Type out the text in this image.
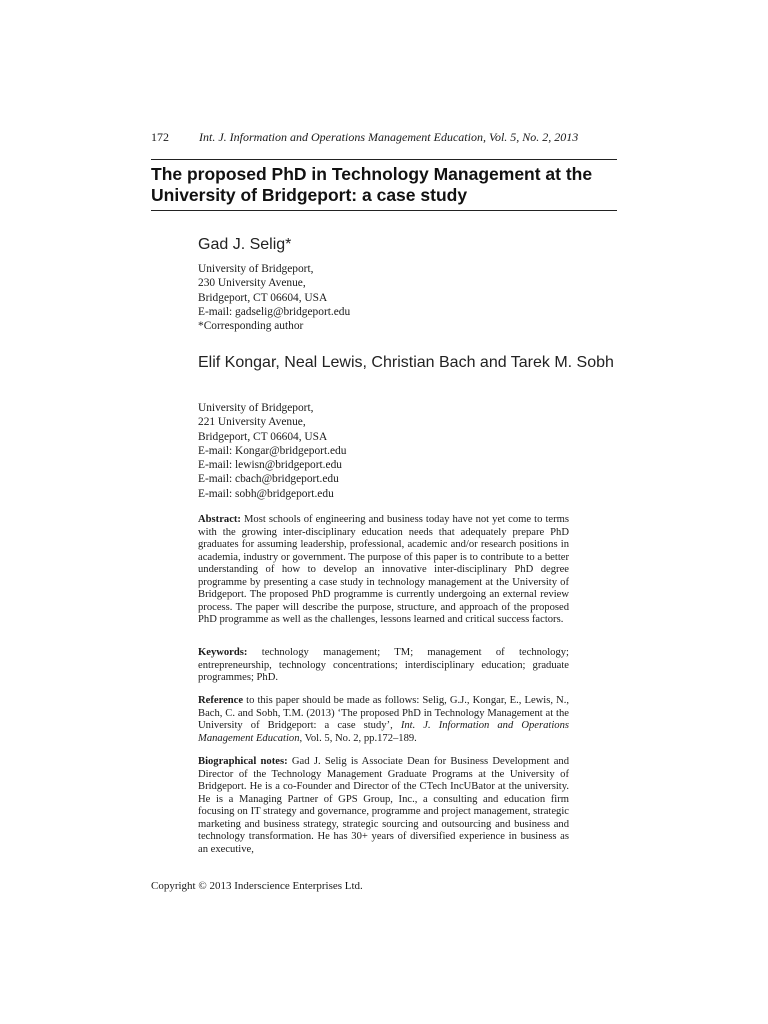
172	Int. J. Information and Operations Management Education, Vol. 5, No. 2, 2013
The proposed PhD in Technology Management at the University of Bridgeport: a case study
Gad J. Selig*
University of Bridgeport,
230 University Avenue,
Bridgeport, CT 06604, USA
E-mail: gadselig@bridgeport.edu
*Corresponding author
Elif Kongar, Neal Lewis, Christian Bach and Tarek M. Sobh
University of Bridgeport,
221 University Avenue,
Bridgeport, CT 06604, USA
E-mail: Kongar@bridgeport.edu
E-mail: lewisn@bridgeport.edu
E-mail: cbach@bridgeport.edu
E-mail: sobh@bridgeport.edu

Abstract: Most schools of engineering and business today have not yet come to terms with the growing inter-disciplinary education needs that adequately prepare PhD graduates for assuming leadership, professional, academic and/or research positions in academia, industry or government. The purpose of this paper is to contribute to a better understanding of how to develop an innovative inter-disciplinary PhD degree programme by presenting a case study in technology management at the University of Bridgeport. The proposed PhD programme is currently undergoing an external review process. The paper will describe the purpose, structure, and approach of the proposed PhD programme as well as the challenges, lessons learned and critical success factors.

Keywords: technology management; TM; management of technology; entrepreneurship, technology concentrations; interdisciplinary education; graduate programmes; PhD.

Reference to this paper should be made as follows: Selig, G.J., Kongar, E., Lewis, N., Bach, C. and Sobh, T.M. (2013) ‘The proposed PhD in Technology Management at the University of Bridgeport: a case study’, Int. J. Information and Operations Management Education, Vol. 5, No. 2, pp.172–189.

Biographical notes: Gad J. Selig is Associate Dean for Business Development and Director of the Technology Management Graduate Programs at the University of Bridgeport. He is a co-Founder and Director of the CTech IncUBator at the university. He is a Managing Partner of GPS Group, Inc., a consulting and education firm focusing on IT strategy and governance, programme and project management, strategic marketing and business strategy, strategic sourcing and outsourcing and business and technology transformation. He has 30+ years of diversified experience in business as an executive,

Copyright © 2013 Inderscience Enterprises Ltd.
